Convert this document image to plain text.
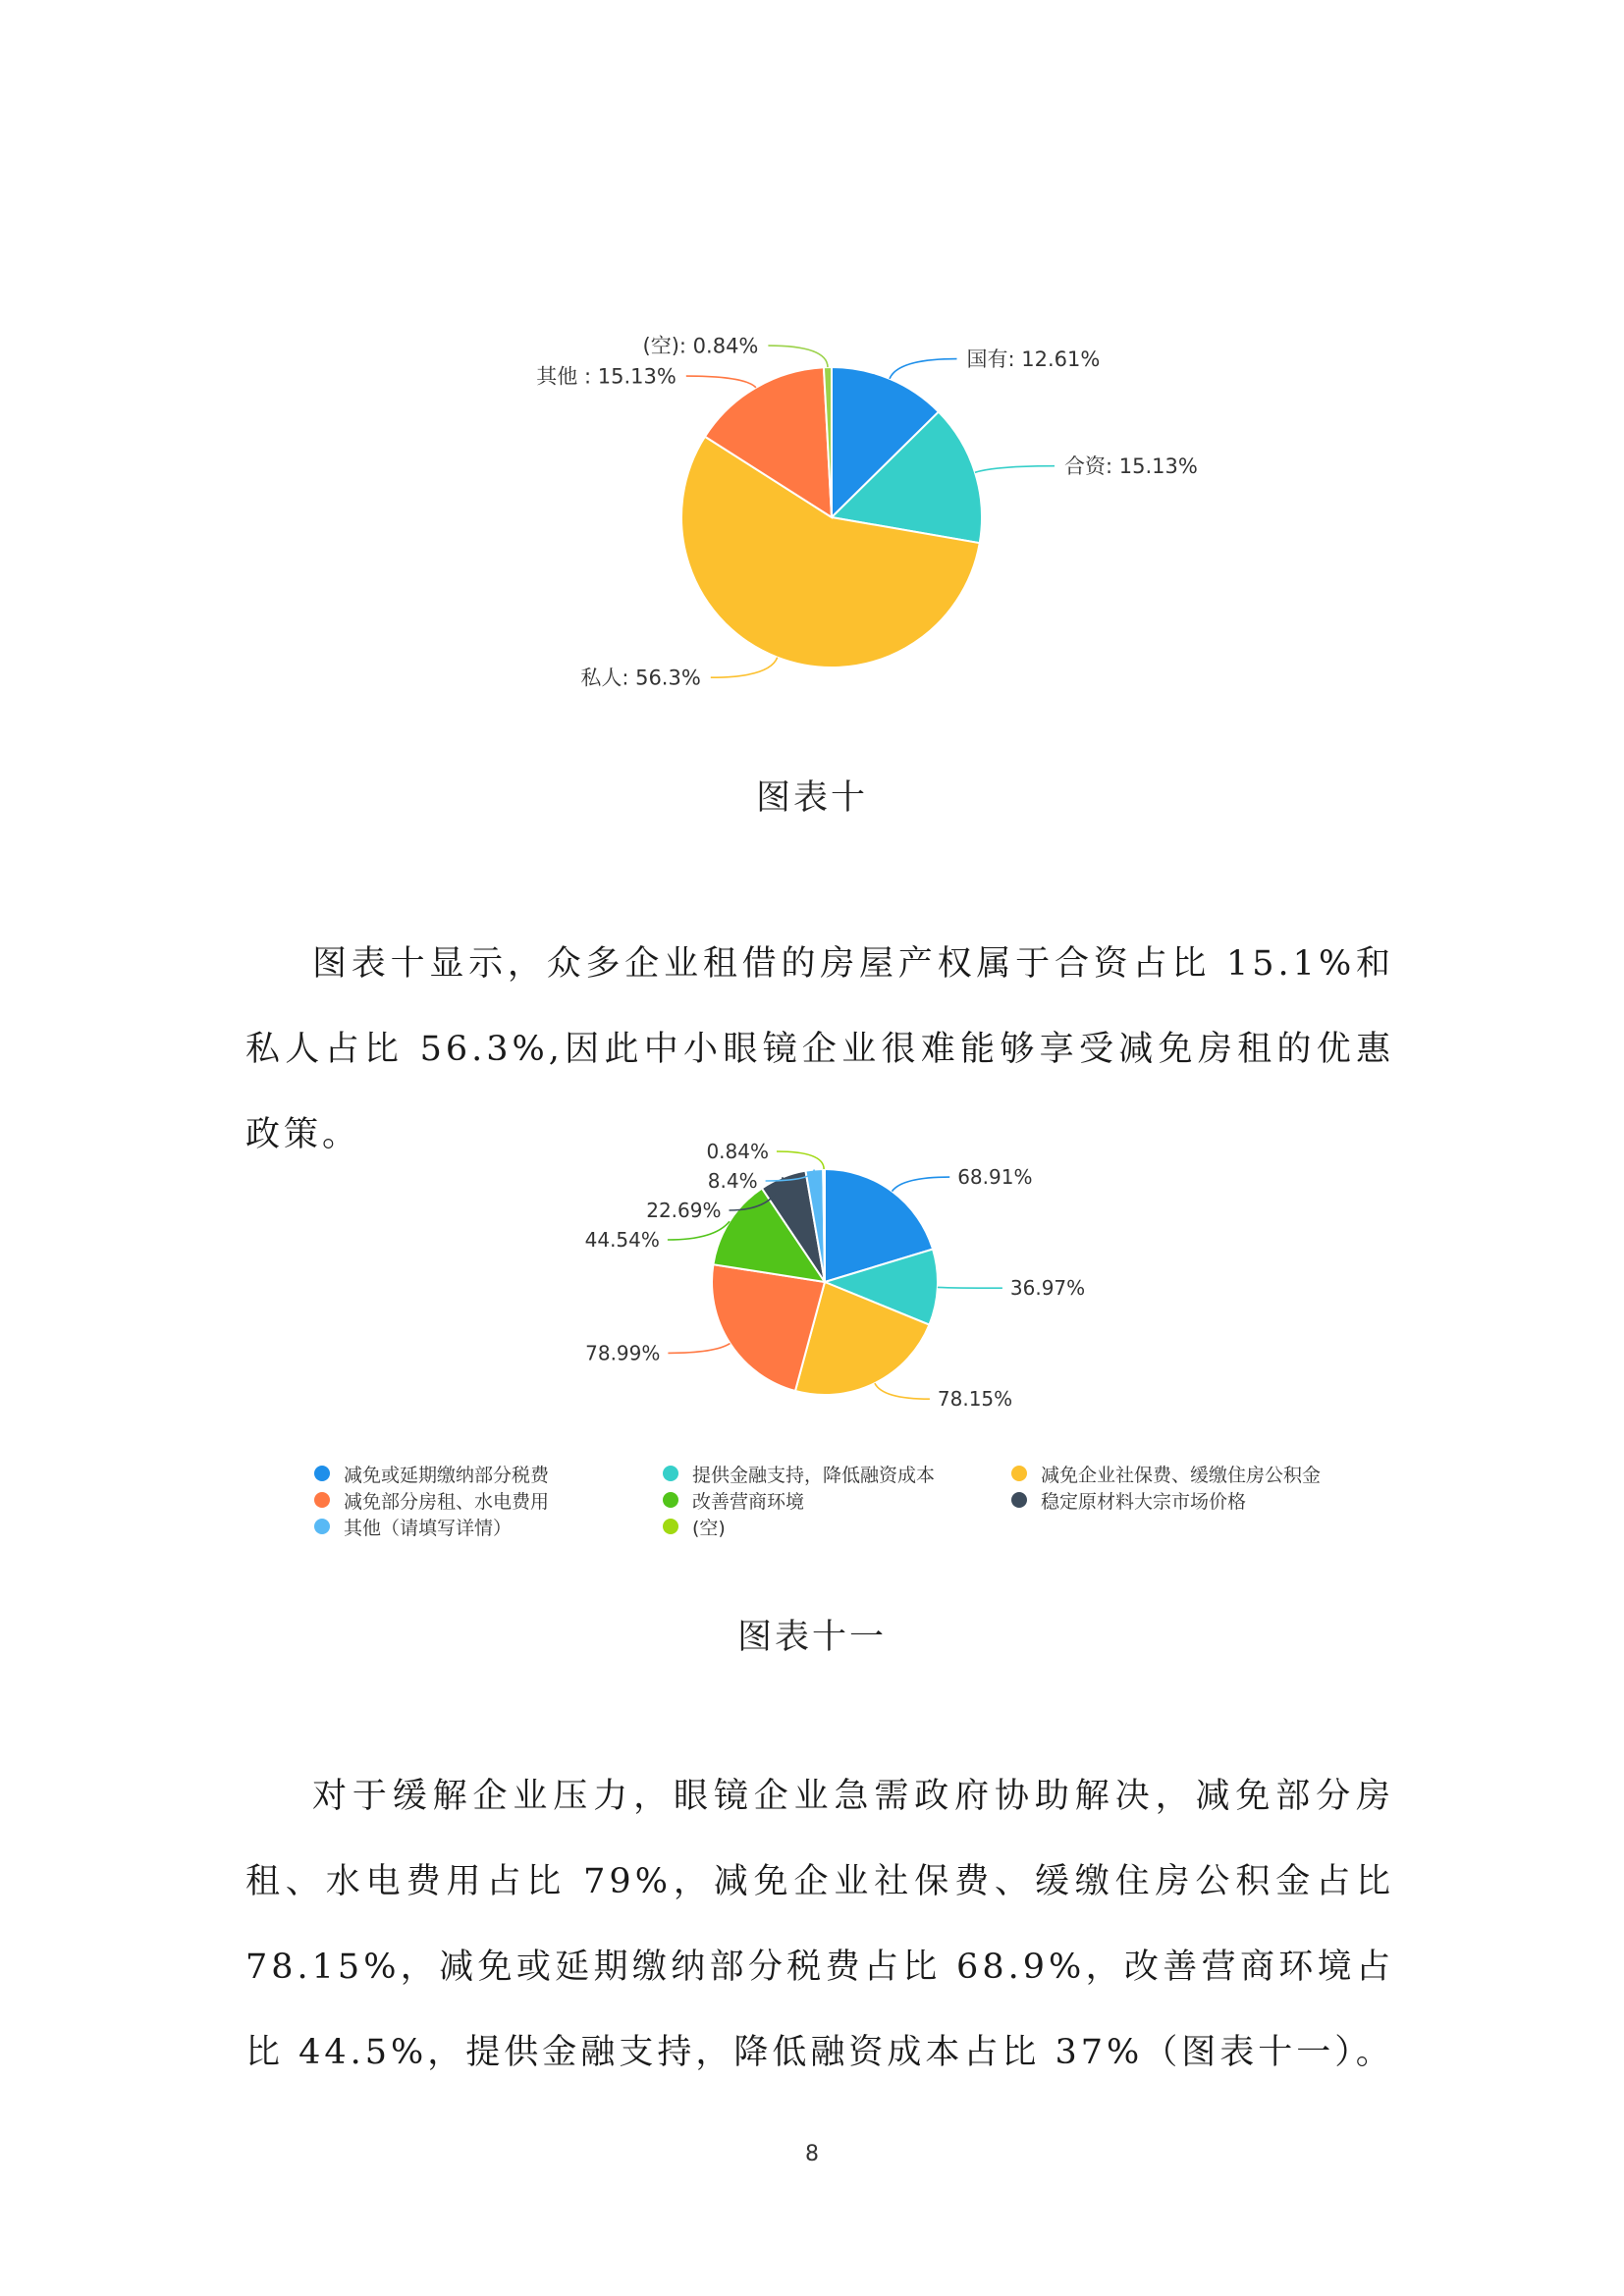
国有: 12.61%
合资: 15.13%
私人: 56.3%
其他 : 15.13%
(空): 0.84%
图表十

图表十显示，众多企业租借的房屋产权属于合资占比 15.1%和私人占比 56.3%,因此中小眼镜企业很难能够享受减免房租的优惠政策。

68.91%
36.97%
78.15%
78.99%
44.54%
22.69%
8.4%
0.84%
减免或延期缴纳部分税费	提供金融支持，降低融资成本	减免企业社保费、缓缴住房公积金
减免部分房租、水电费用	改善营商环境	稳定原材料大宗市场价格
其他（请填写详情）	(空)
图表十一

对于缓解企业压力，眼镜企业急需政府协助解决，减免部分房租、水电费用占比 79%，减免企业社保费、缓缴住房公积金占比 78.15%，减免或延期缴纳部分税费占比 68.9%，改善营商环境占比 44.5%，提供金融支持，降低融资成本占比 37%（图表十一）。

8
